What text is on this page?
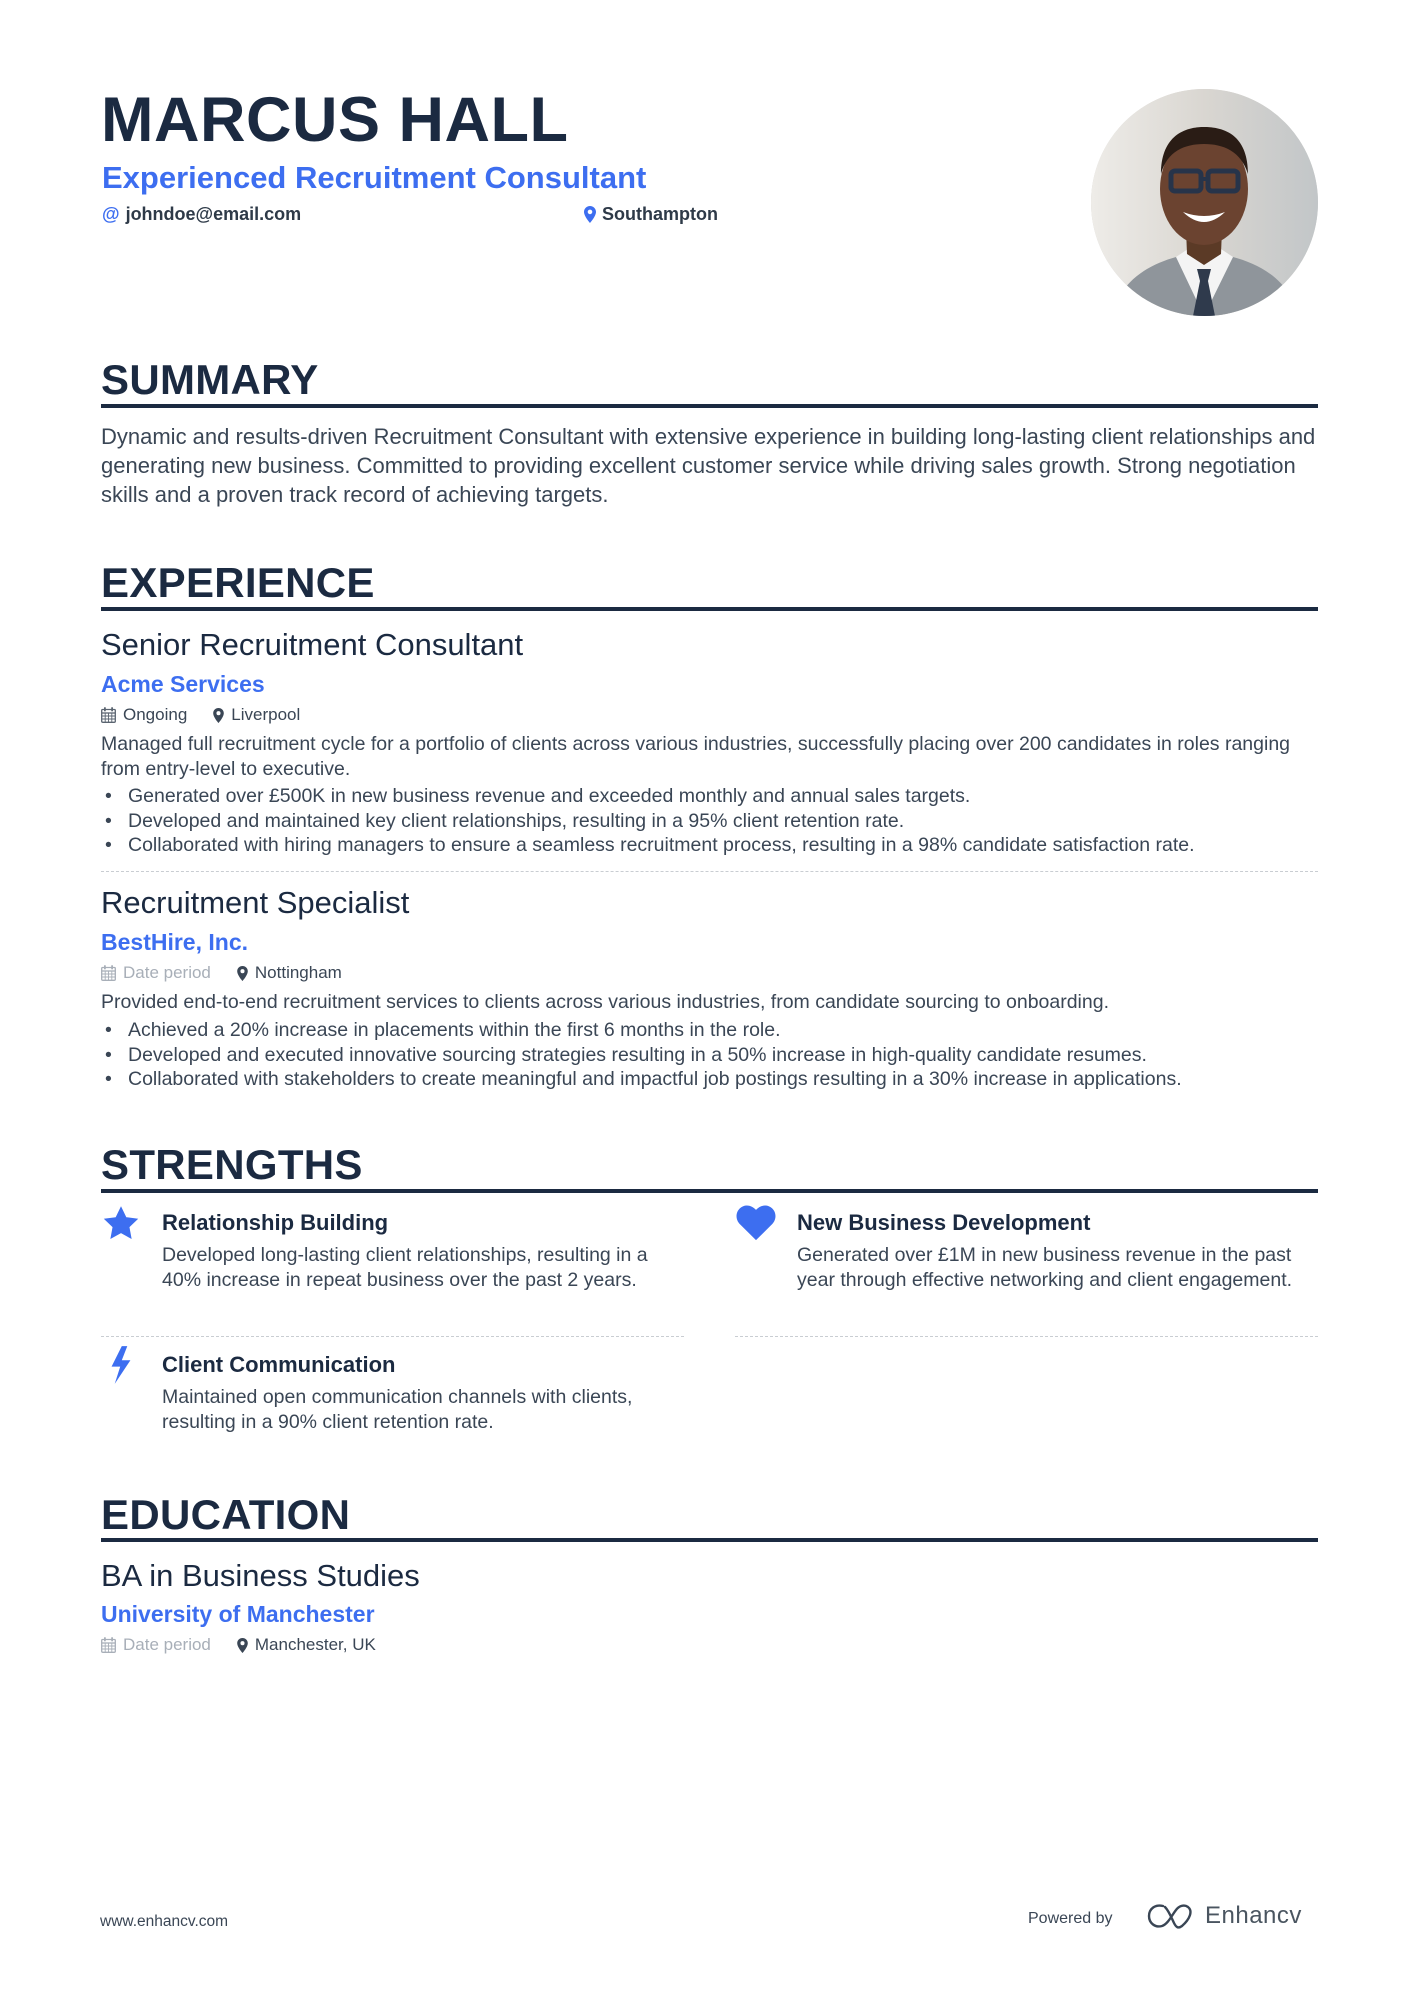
MARCUS HALL
Experienced Recruitment Consultant
@ johndoe@email.com	Southampton
SUMMARY
Dynamic and results-driven Recruitment Consultant with extensive experience in building long-lasting client relationships and generating new business. Committed to providing excellent customer service while driving sales growth. Strong negotiation skills and a proven track record of achieving targets.
EXPERIENCE
Senior Recruitment Consultant
Acme Services
Ongoing	Liverpool
Managed full recruitment cycle for a portfolio of clients across various industries, successfully placing over 200 candidates in roles ranging from entry-level to executive.
• Generated over £500K in new business revenue and exceeded monthly and annual sales targets.
• Developed and maintained key client relationships, resulting in a 95% client retention rate.
• Collaborated with hiring managers to ensure a seamless recruitment process, resulting in a 98% candidate satisfaction rate.
Recruitment Specialist
BestHire, Inc.
Date period	Nottingham
Provided end-to-end recruitment services to clients across various industries, from candidate sourcing to onboarding.
• Achieved a 20% increase in placements within the first 6 months in the role.
• Developed and executed innovative sourcing strategies resulting in a 50% increase in high-quality candidate resumes.
• Collaborated with stakeholders to create meaningful and impactful job postings resulting in a 30% increase in applications.
STRENGTHS
Relationship Building
Developed long-lasting client relationships, resulting in a 40% increase in repeat business over the past 2 years.
New Business Development
Generated over £1M in new business revenue in the past year through effective networking and client engagement.
Client Communication
Maintained open communication channels with clients, resulting in a 90% client retention rate.
EDUCATION
BA in Business Studies
University of Manchester
Date period	Manchester, UK
www.enhancv.com	Powered by	Enhancv
